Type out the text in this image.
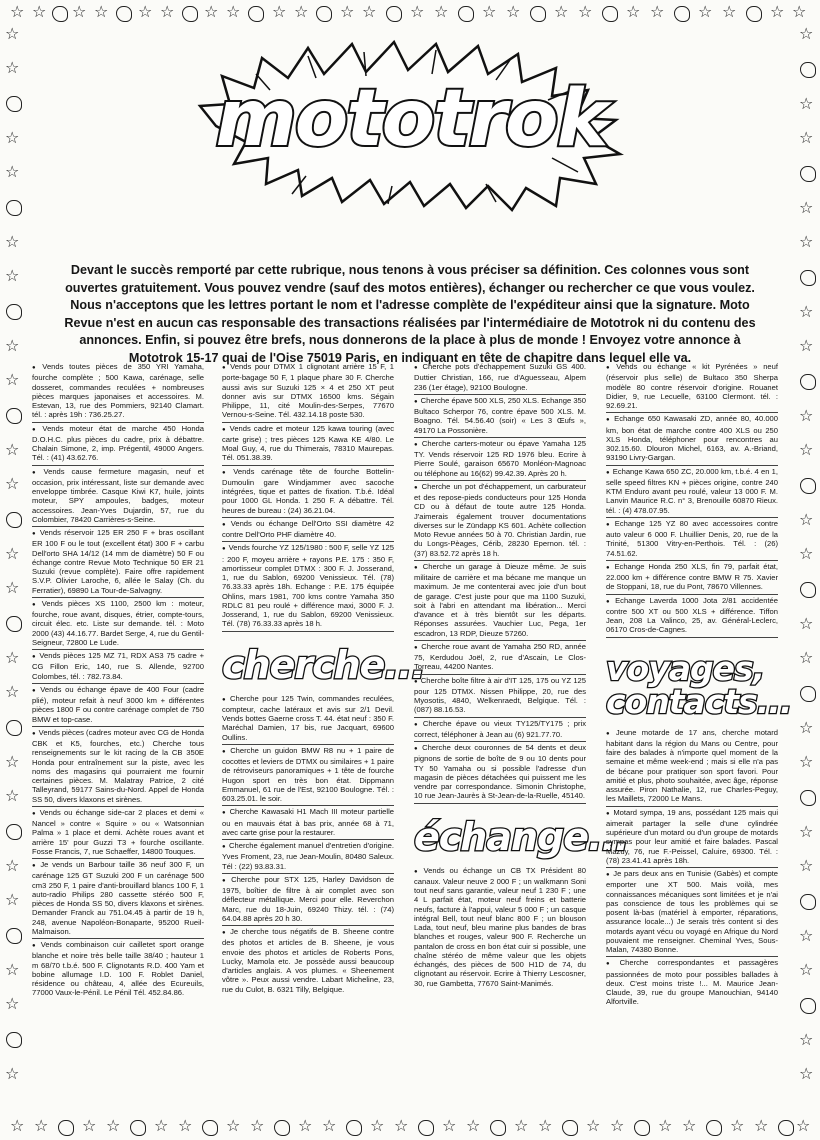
☆ ☆ ☆ ☆ ☆ ☆ ☆ ☆ ☆ ☆ ☆ ☆ ☆ ☆ ☆ ☆ ☆ ☆ ☆ ☆ ☆ ☆ ☆ ☆
☆ ☆ ☆ ☆ ☆ ☆ ☆ ☆ ☆ ☆ ☆ ☆ ☆ ☆ ☆ ☆ ☆ ☆ ☆ ☆ ☆ ☆ ☆
☆
☆
☆
☆
☆
☆
☆
☆
☆
☆
☆
☆
☆
☆
☆
☆
☆
☆
☆
☆
☆
☆
☆
☆
☆
☆
☆
☆
☆
☆
☆
☆
☆
☆
☆
☆
☆
☆
☆
☆
☆
☆
mototrok
Devant le succès remporté par cette rubrique, nous tenons à vous préciser sa définition. Ces colonnes vous sont ouvertes gratuitement. Vous pouvez vendre (sauf des motos entières), échanger ou rechercher ce que vous voulez. Nous n'acceptons que les lettres portant le nom et l'adresse complète de l'expéditeur ainsi que la signature. Moto Revue n'est en aucun cas responsable des transactions réalisées par l'intermédiaire de Mototrok ni du contenu des annonces. Enfin, si pouvez être brefs, nous donnerons de la place à plus de monde ! Envoyez votre annonce à Mototrok 15-17 quai de l'Oise 75019 Paris, en indiquant en tête de chapitre dans lequel elle va.

● Vends toutes pièces de 350 YRI Yamaha, fourche complète ; 500 Kawa, carénage, selle dosseret, commandes reculées + nombreuses pièces marques japonaises et accessoires. M. Estevan, 13, rue des Pommiers, 92140 Clamart. tél. : après 19h : 736.25.27.

● Vends moteur état de marche 450 Honda D.O.H.C. plus pièces du cadre, prix à débattre. Chalain Simone, 2, imp. Prégentil, 49000 Angers. Tél. : (41) 43.62.76.

● Vends cause fermeture magasin, neuf et occasion, prix intéressant, liste sur demande avec enveloppe timbrée. Casque Kiwi K7, huile, joints moteur, SPY ampoules, badges, moteur accessoires. Jean-Yves Dujardin, 57, rue du Colombier, 78420 Carrières-s-Seine.

● Vends réservoir 125 ER 250 F + bras oscillant ER 100 F ou le tout (excellent état) 300 F + carbu Dell'orto SHA 14/12 (14 mm de diamètre) 50 F ou échange contre Revue Moto Technique 50 ER 21 Suzuki (revue complète). Faire offre rapidement S.V.P. Olivier Laroche, 6, allée le Salay (Ch. du Ferratier), 69890 La Tour-de-Salvagny.

● Vends pièces XS 1100, 2500 km : moteur, fourche, roue avant, disques, étrier, compte-tours, circuit élec. etc. Liste sur demande. tél. : Moto 2000 (43) 44.16.77. Bardet Serge, 4, rue du Gentil-Seigneur, 72800 Le Lude.

● Vends pièces 125 MZ 71, RDX AS3 75 cadre + CG Fillon Eric, 140, rue S. Allende, 92700 Colombes, tél. : 782.73.84.

● Vends ou échange épave de 400 Four (cadre plié), moteur refait à neuf 3000 km + différentes pièces 1800 F ou contre carénage complet de 750 BMW et top-case.

● Vends pièces (cadres moteur avec CG de Honda CBK et K5, fourches, etc.) Cherche tous renseignements sur le kit racing de la CB 350E Honda pour entraînement sur la piste, avec les noms des magasins qui pourraient me fournir certaines pièces. M. Malatray Patrice, 2 cité Talleyrand, 59177 Sains-du-Nord. Appel de Honda SS 50, divers klaxons et sirènes.

● Vends ou échange side-car 2 places et demi « Nancel » contre « Squire » ou « Watsonnian Palma » 1 place et demi. Achète roues avant et arrière 15' pour Guzzi T3 + fourche oscillante. Fosse Francis, 7, rue Schaeffer, 14800 Touques.

● Je vends un Barbour taille 36 neuf 300 F, un carénage 125 GT Suzuki 200 F un carénage 500 cm3 250 F, 1 paire d'anti-brouillard blancs 100 F, 1 auto-radio Philips 280 cassette stéréo 500 F, pièces de Honda SS 50, divers klaxons et sirènes. Demander Franck au 751.04.45 à partir de 19 h, 248, avenue Napoléon-Bonaparte, 95200 Rueil-Malmaison.

● Vends combinaison cuir cailletet sport orange blanche et noire très belle taille 38/40 ; hauteur 1 m 68/70 t.b.é. 500 F. Clignotants R.D. 400 Yam et bobine allumage I.D. 100 F. Roblet Daniel, résidence ou château, 4, allée des Ecureuils, 77000 Vaux-le-Pénil. Le Pénil Tél. 452.84.86.

● Vends pour DTMX 1 clignotant arrière 15 F, 1 porte-bagage 50 F, 1 plaque phare 30 F. Cherche aussi avis sur Suzuki 125 × 4 et 250 XT peut donner avis sur DTMX 16500 kms. Ségain Philippe, 11, cité Moulin-des-Serpes, 77670 Vernou-s-Seine. Tél. 432.14.18 poste 530.

● Vends cadre et moteur 125 kawa touring (avec carte grise) ; tres pièces 125 Kawa KE 4/80. Le Moal Guy, 4, rue du Thimerais, 78310 Maurepas. Tél. 051.38.39.

● Vends carénage tête de fourche Bottelin-Dumoulin gare Windjammer avec sacoche intégrées, tique et pattes de fixation. T.b.é. Idéal pour 1000 GL Honda. 1 250 F. A débattre. Tél. heures de bureau : (24) 36.21.04.

● Vends ou échange Dell'Orto SSI diamètre 42 contre Dell'Orto PHF diamètre 40.

● Vends fourche YZ 125/1980 : 500 F, selle YZ 125 : 200 F, moyeu arrière + rayons P.E. 175 : 350 F, amortisseur complet DTMX : 300 F. J. Josserand, 1, rue du Sablon, 69200 Venissieux. Tél. (78) 76.33.33 après 18h. Echange : P.E. 175 équipée Ohlins, mars 1981, 700 kms contre Yamaha 350 RDLC 81 peu roulé + différence maxi, 3000 F. J. Josserand, 1, rue du Sablon, 69200 Venissieux. Tél. (78) 76.33.33 après 18 h.

cherche...

● Cherche pour 125 Twin, commandes reculées, compteur, cache latéraux et avis sur 2/1 Devil. Vends bottes Gaerne cross T. 44. état neuf : 350 F. Maréchal Damien, 17 bis, rue Jacquart, 69600 Oullins.

● Cherche un guidon BMW R8 nu + 1 paire de cocottes et leviers de DTMX ou similaires + 1 paire de rétroviseurs panoramiques + 1 tête de fourche Hugon sport en très bon état. Dippmann Emmanuel, 61 rue de l'Est, 92100 Boulogne. Tél. : 603.25.01. le soir.

● Cherche Kawasaki H1 Mach III moteur partielle ou en mauvais état à bas prix, année 68 à 71, avec carte grise pour la restaurer.

● Cherche également manuel d'entretien d'origine. Yves Froment, 23, rue Jean-Moulin, 80480 Saleux. Tél : (22) 93.83.31.

● Cherche pour STX 125, Harley Davidson de 1975, boîtier de filtre à air complet avec son déflecteur métallique. Merci pour elle. Reverchon Marc, rue du 18-Juin, 69240 Thizy. tél. : (74) 64.04.88 après 20 h 30.

● Je cherche tous négatifs de B. Sheene contre des photos et articles de B. Sheene, je vous envoie des photos et articles de Roberts Pons, Lucky, Mamola etc. Je possède aussi beaucoup d'articles anglais. A vos plumes. « Sheenement vôtre ». Peux aussi vendre. Labart Micheline, 23, rue du Culot, B. 6321 Tilly, Belgique.

● Cherche pots d'échappement Suzuki GS 400. Duttier Christian, 166, rue d'Aguesseau, Alpem 236 (1er étage), 92100 Boulogne.

● Cherche épave 500 XLS, 250 XLS. Echange 350 Bultaco Scherpor 76, contre épave 500 XLS. M. Boagno. Tél. 54.56.40 (soir) « Les 3 Œufs », 49170 La Possonière.

● Cherche carters-moteur ou épave Yamaha 125 TY. Vends réservoir 125 RD 1976 bleu. Ecrire à Pierre Soulé, garaison 65670 Monléon-Magnoac ou téléphone au 16(62) 99.42.39. Après 20 h.

● Cherche un pot d'échappement, un carburateur et des repose-pieds conducteurs pour 125 Honda CD ou à défaut de toute autre 125 Honda. J'aimerais également trouver documentations diverses sur le Zündapp KS 601. Achète collection Moto Revue années 50 à 70. Christian Jardin, rue du Longs-Pèages, Cérib, 28230 Epernon. tél. : (37) 83.52.72 après 18 h.

● Cherche un garage à Dieuze même. Je suis militaire de carrière et ma bécane me manque un maximum. Je me contenterai avec joie d'un bout de garage. C'est juste pour que ma 1100 Suzuki, soit à l'abri en attendant ma libération... Merci d'avance et à très bientôt sur les départs. Réponses assurées. Vauchier Luc, Pega, 1er escadron, 13 RDP, Dieuze 57260.

● Cherche roue avant de Yamaha 250 RD, année 75, Kerdudou Joël, 2, rue d'Ascain, Le Clos-Torreau, 44200 Nantes.

● Cherche boîte filtre à air d'IT 125, 175 ou YZ 125 pour 125 DTMX. Nissen Philippe, 20, rue des Myosotis, 4840, Welkenraedt, Belgique. Tél. : (087) 88.16.53.

● Cherche épave ou vieux TY125/TY175 ; prix correct, téléphoner à Jean au (6) 921.77.70.

● Cherche deux couronnes de 54 dents et deux pignons de sortie de boîte de 9 ou 10 dents pour TY 50 Yamaha ou si possible l'adresse d'un magasin de pièces détachées qui puissent me les vendre par correspondance. Simonin Christophe, 10 rue Jean-Jaurès à St-Jean-de-la-Ruelle, 45140.

échange...

● Vends ou échange un CB TX Président 80 canaux. Valeur neuve 2 000 F ; un walkmann Soni tout neuf sans garantie, valeur neuf 1 230 F ; une 4 L parfait état, moteur neuf freins et batterie neufs, facture à l'appui, valeur 5 000 F ; un casque intégral Bell, tout neuf blanc 800 F ; un blouson Lada, tout neuf, bleu marine plus bandes de bras blanches et rouges, valeur 900 F. Recherche un pantalon de cross en bon état cuir si possible, une chaîne stéréo de même valeur que les objets échangés, des pièces de 500 H1D de 74, du clignotant au réservoir. Ecrire à Thierry Lescosner, 30, rue Gambetta, 77670 Saint-Manimés.

● Vends ou échange « kit Pyrénées » neuf (réservoir plus selle) de Bultaco 350 Sherpa modèle 80 contre réservoir d'origine. Rouanet Didier, 9, rue Lecuelle, 63100 Clermont. tél. : 92.69.21.

● Echange 650 Kawasaki ZD, année 80, 40.000 km, bon état de marche contre 400 XLS ou 250 XLS Honda, téléphoner pour rencontres au 302.15.60. Dlouron Michel, 6163, av. A.-Briand, 93190 Livry-Gargan.

● Echange Kawa 650 ZC, 20.000 km, t.b.é. 4 en 1, selle speed filtres KN + pièces origine, contre 240 KTM Enduro avant peu roulé, valeur 13 000 F. M. Lanvin Maurice R.C. n° 3, Brenouille 60870 Rieux. tél. : (4) 478.07.95.

● Echange 125 YZ 80 avec accessoires contre auto valeur 6 000 F. Lhuillier Denis, 20, rue de la Trinité, 51300 Vitry-en-Perthois. Tél. : (26) 74.51.62.

● Echange Honda 250 XLS, fin 79, parfait état, 22.000 km + différence contre BMW R 75. Xavier de Stoppani, 18, rue du Pont, 78670 Villennes.

● Echange Laverda 1000 Jota 2/81 accidentée contre 500 XT ou 500 XLS + différence. Tiffon Jean, 208 La Valinco, 25, av. Général-Leclerc, 06170 Cros-de-Cagnes.

voyages, contacts...

● Jeune motarde de 17 ans, cherche motard habitant dans la région du Mans ou Centre, pour faire des balades à n'importe quel moment de la semaine et même week-end ; mais si elle n'a pas de bécane pour pratiquer son sport favori. Pour amitié et plus, photo souhaitée, avec âge, réponse assurée. Piron Nathalie, 12, rue Charles-Peguy, les Maillets, 72000 Le Mans.

● Motard sympa, 19 ans, possédant 125 mais qui aimerait partager la selle d'une cylindrée supérieure d'un motard ou d'un groupe de motards sympas pour leur amitié et faire balades. Pascal Mazuy, 76, rue F.-Peissel, Caluire, 69300. Tél. : (78) 23.41.41 après 18h.

● Je pars deux ans en Tunisie (Gabès) et compte emporter une XT 500. Mais voilà, mes connaissances mécaniques sont limitées et je n'ai pas conscience de tous les problèmes qui se posent là-bas (matériel à emporter, réparations, assurance locale...) Je serais très content si des motards ayant vécu ou voyagé en Afrique du Nord pouvaient me renseigner. Cheminal Yves, Sous-Malan, 74380 Bonne.

● Cherche correspondantes et passagères passionnées de moto pour possibles ballades à deux. C'est moins triste !... M. Maurice Jean-Claude, 39, rue du groupe Manouchian, 94140 Alfortville.
